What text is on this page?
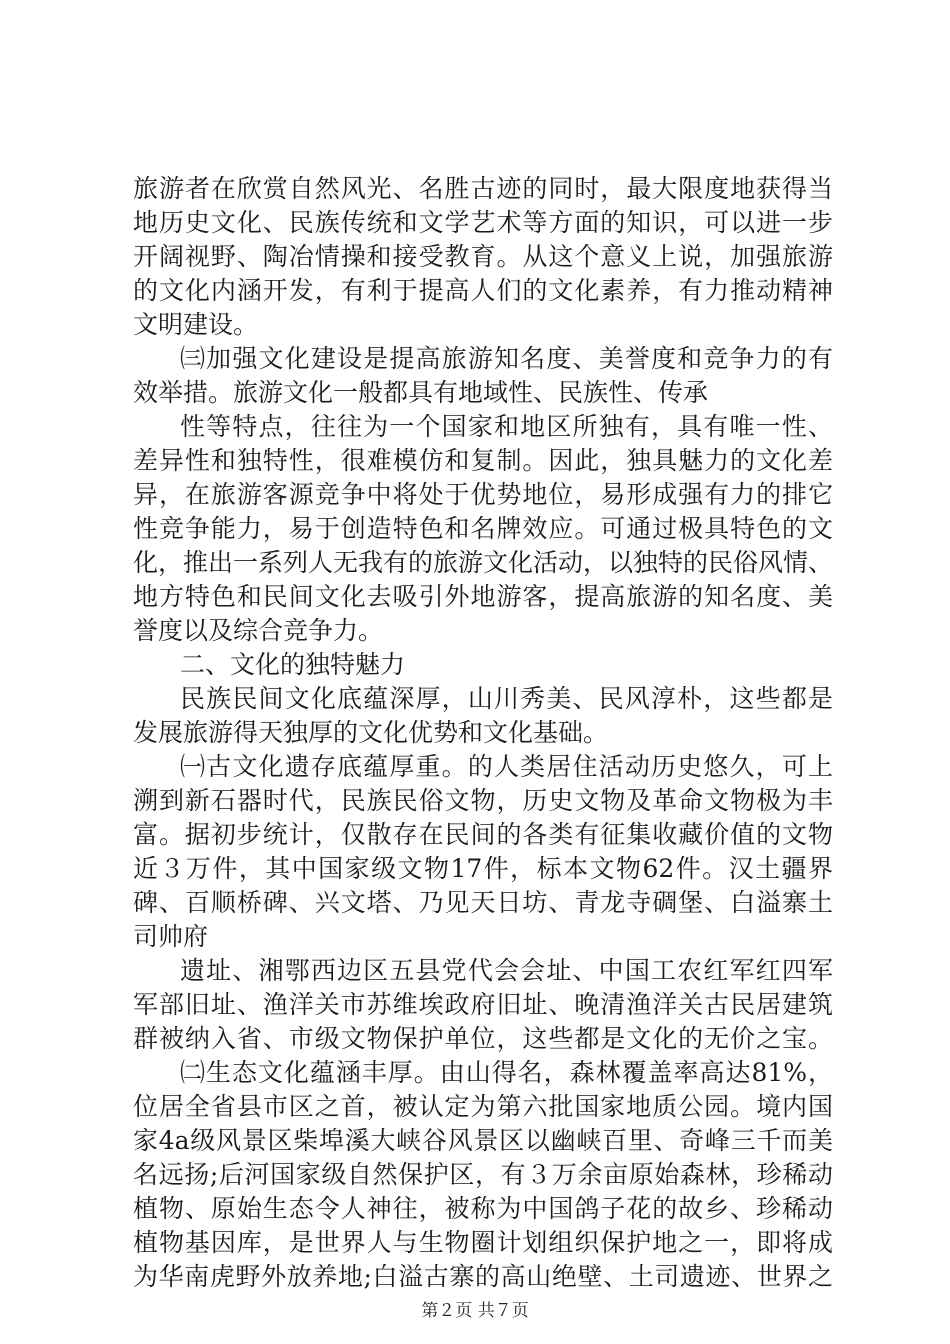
旅游者在欣赏自然风光、名胜古迹的同时，最大限度地获得当
地历史文化、民族传统和文学艺术等方面的知识，可以进一步
开阔视野、陶冶情操和接受教育。从这个意义上说，加强旅游
的文化内涵开发，有利于提高人们的文化素养，有力推动精神
文明建设。
㈢加强文化建设是提高旅游知名度、美誉度和竞争力的有
效举措。旅游文化一般都具有地域性、民族性、传承
性等特点，往往为一个国家和地区所独有，具有唯一性、
差异性和独特性，很难模仿和复制。因此，独具魅力的文化差
异，在旅游客源竞争中将处于优势地位，易形成强有力的排它
性竞争能力，易于创造特色和名牌效应。可通过极具特色的文
化，推出一系列人无我有的旅游文化活动，以独特的民俗风情、
地方特色和民间文化去吸引外地游客，提高旅游的知名度、美
誉度以及综合竞争力。
二、文化的独特魅力
民族民间文化底蕴深厚，山川秀美、民风淳朴，这些都是
发展旅游得天独厚的文化优势和文化基础。
㈠古文化遗存底蕴厚重。的人类居住活动历史悠久，可上
溯到新石器时代，民族民俗文物，历史文物及革命文物极为丰
富。据初步统计，仅散存在民间的各类有征集收藏价值的文物
近３万件，其中国家级文物17件，标本文物62件。汉土疆界
碑、百顺桥碑、兴文塔、乃见天日坊、青龙寺碉堡、白溢寨土
司帅府
遗址、湘鄂西边区五县党代会会址、中国工农红军红四军
军部旧址、渔洋关市苏维埃政府旧址、晚清渔洋关古民居建筑
群被纳入省、市级文物保护单位，这些都是文化的无价之宝。
㈡生态文化蕴涵丰厚。由山得名，森林覆盖率高达81%，
位居全省县市区之首，被认定为第六批国家地质公园。境内国
家4a级风景区柴埠溪大峡谷风景区以幽峡百里、奇峰三千而美
名远扬;后河国家级自然保护区，有３万余亩原始森林，珍稀动
植物、原始生态令人神往，被称为中国鸽子花的故乡、珍稀动
植物基因库，是世界人与生物圈计划组织保护地之一，即将成
为华南虎野外放养地;白溢古寨的高山绝壁、土司遗迹、世界之
第２页 共７页
